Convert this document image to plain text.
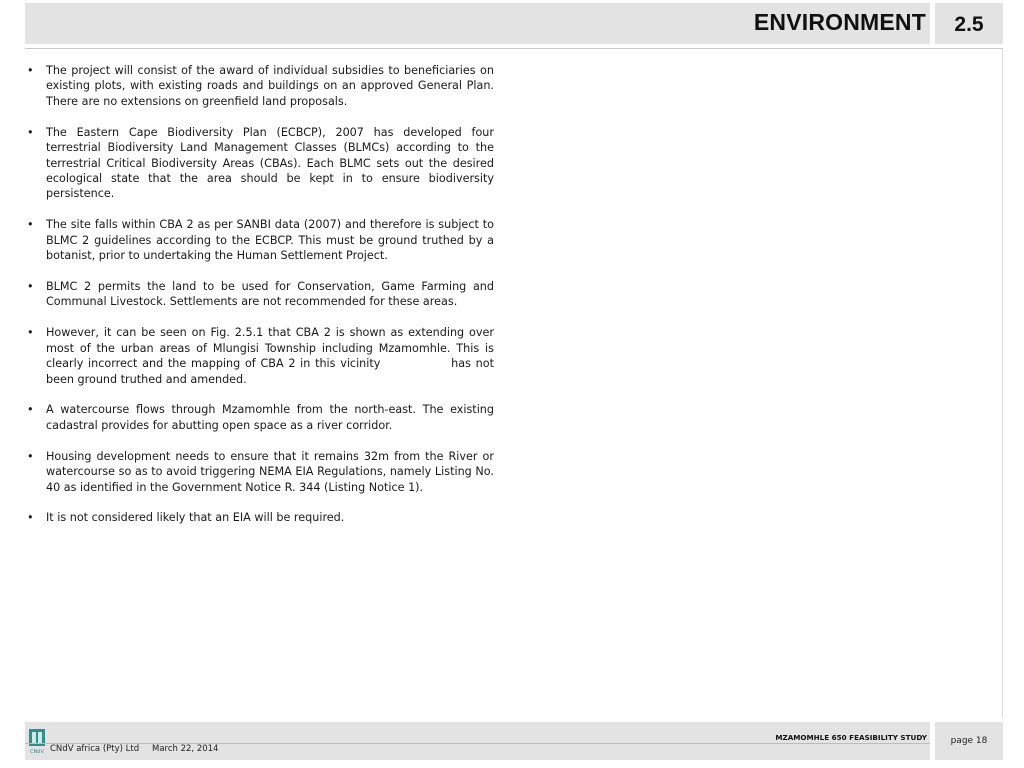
ENVIRONMENT	2.5
• The project will consist of the award of individual subsidies to beneficiaries on existing plots, with existing roads and buildings on an approved General Plan. There are no extensions on greenfield land proposals.
• The Eastern Cape Biodiversity Plan (ECBCP), 2007 has developed four terrestrial Biodiversity Land Management Classes (BLMCs) according to the terrestrial Critical Biodiversity Areas (CBAs). Each BLMC sets out the desired ecological state that the area should be kept in to ensure biodiversity persistence.
• The site falls within CBA 2 as per SANBI data (2007) and therefore is subject to BLMC 2 guidelines according to the ECBCP. This must be ground truthed by a botanist, prior to undertaking the Human Settlement Project.
• BLMC 2 permits the land to be used for Conservation, Game Farming and Communal Livestock. Settlements are not recommended for these areas.
• However, it can be seen on Fig. 2.5.1 that CBA 2 is shown as extending over most of the urban areas of Mlungisi Township including Mzamomhle. This is clearly incorrect and the mapping of CBA 2 in this vicinity               has not been ground truthed and amended.
• A watercourse flows through Mzamomhle from the north-east. The existing cadastral provides for abutting open space as a river corridor.
• Housing development needs to ensure that it remains 32m from the River or watercourse so as to avoid triggering NEMA EIA Regulations, namely Listing No. 40 as identified in the Government Notice R. 344 (Listing Notice 1).
• It is not considered likely that an EIA will be required.
CNdV
MZAMOMHLE 650 FEASIBILITY STUDY
CNdV africa (Pty) Ltd March 22, 2014
page 18
